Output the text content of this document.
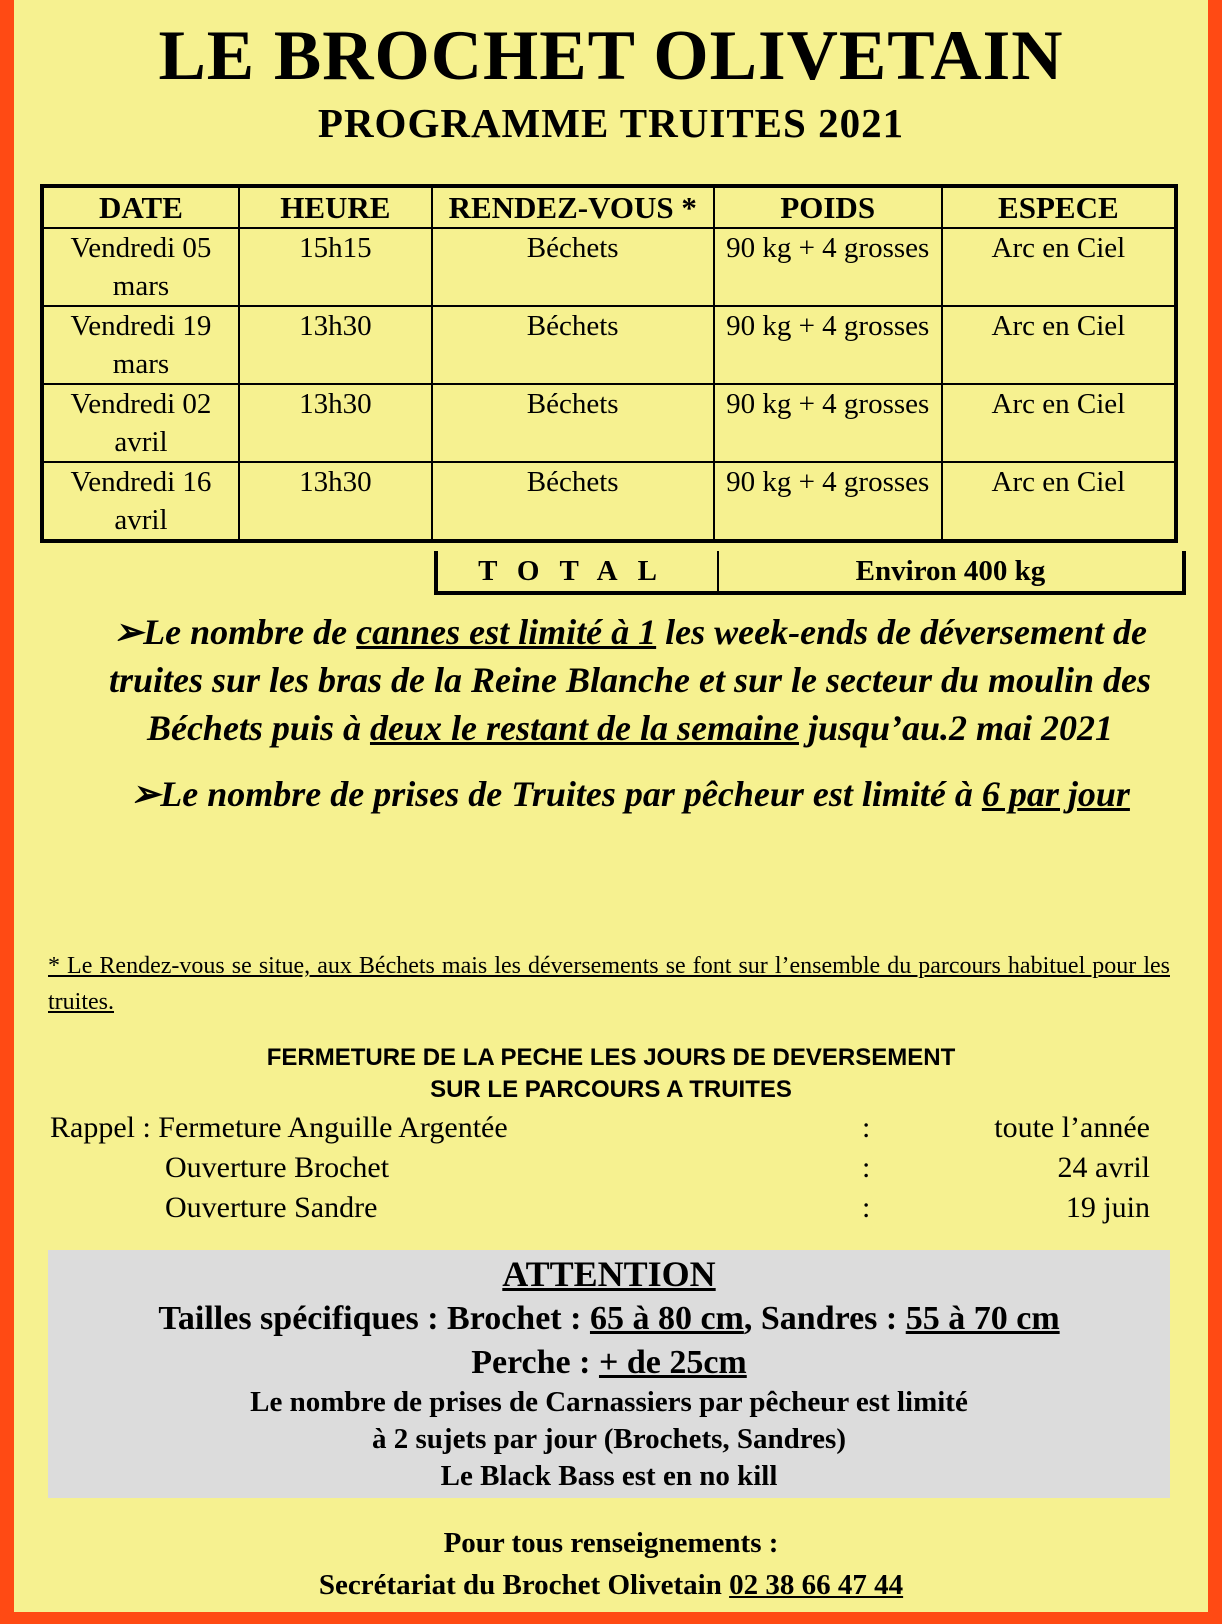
LE BROCHET OLIVETAIN
PROGRAMME TRUITES 2021
DATE	HEURE	RENDEZ-VOUS *	POIDS	ESPECE
Vendredi 05 mars	15h15	Béchets	90 kg + 4 grosses	Arc en Ciel
Vendredi 19 mars	13h30	Béchets	90 kg + 4 grosses	Arc en Ciel
Vendredi 02 avril	13h30	Béchets	90 kg + 4 grosses	Arc en Ciel
Vendredi 16 avril	13h30	Béchets	90 kg + 4 grosses	Arc en Ciel
TOTAL	Environ 400 kg

➢Le nombre de cannes est limité à 1 les week-ends de déversement de truites sur les bras de la Reine Blanche et sur le secteur du moulin des Béchets puis à deux le restant de la semaine jusqu’au.2 mai 2021

➢Le nombre de prises de Truites par pêcheur est limité à 6 par jour

* Le Rendez-vous se situe, aux Béchets mais les déversements se font sur l’ensemble du parcours habituel pour les truites.
FERMETURE DE LA PECHE LES JOURS DE DEVERSEMENT
SUR LE PARCOURS A TRUITES
Rappel : Fermeture Anguille Argentée	:	toute l’année
Ouverture Brochet	:	24 avril
Ouverture Sandre	:	19 juin
ATTENTION
Tailles spécifiques : Brochet : 65 à 80 cm, Sandres : 55 à 70 cm
Perche : + de 25cm
Le nombre de prises de Carnassiers par pêcheur est limité
à 2 sujets par jour (Brochets, Sandres)
Le Black Bass est en no kill
Pour tous renseignements :
Secrétariat du Brochet Olivetain 02 38 66 47 44
